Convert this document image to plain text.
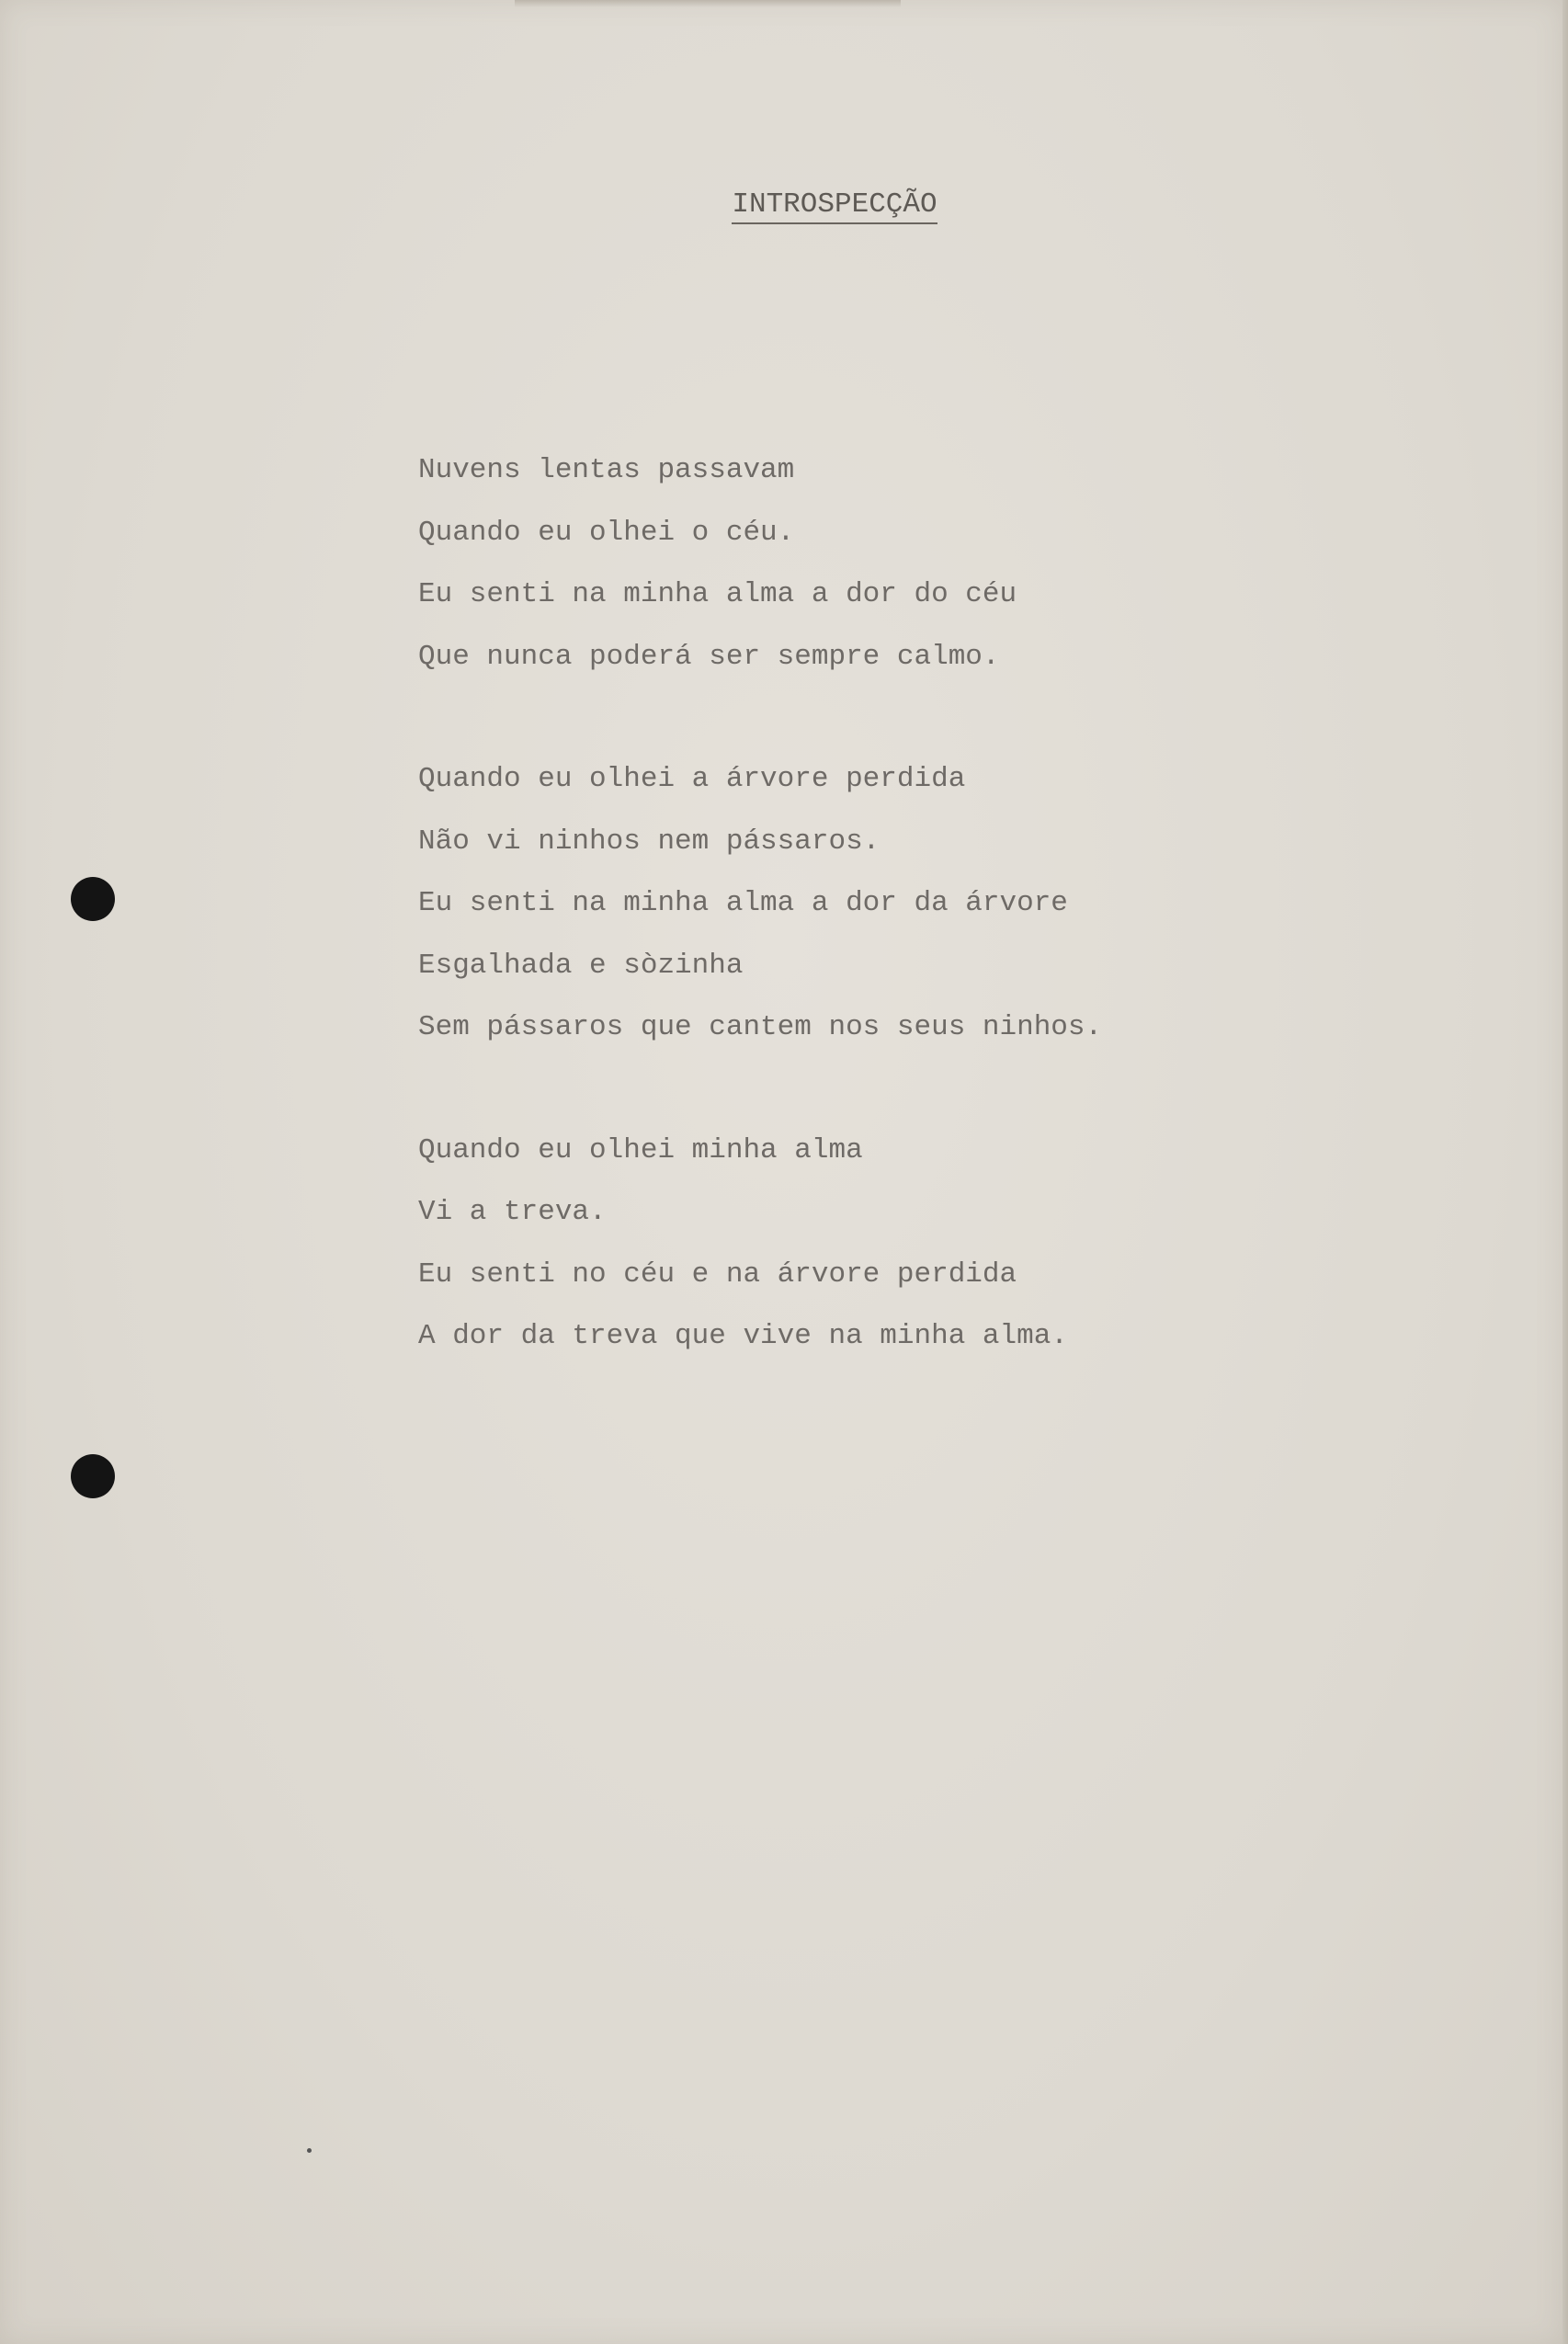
INTROSPECÇÃO
Nuvens lentas passavam
Quando eu olhei o céu.
Eu senti na minha alma a dor do céu
Que nunca poderá ser sempre calmo.
Quando eu olhei a árvore perdida
Não vi ninhos nem pássaros.
Eu senti na minha alma a dor da árvore
Esgalhada e sòzinha
Sem pássaros que cantem nos seus ninhos.
Quando eu olhei minha alma
Vi a treva.
Eu senti no céu e na árvore perdida
A dor da treva que vive na minha alma.
